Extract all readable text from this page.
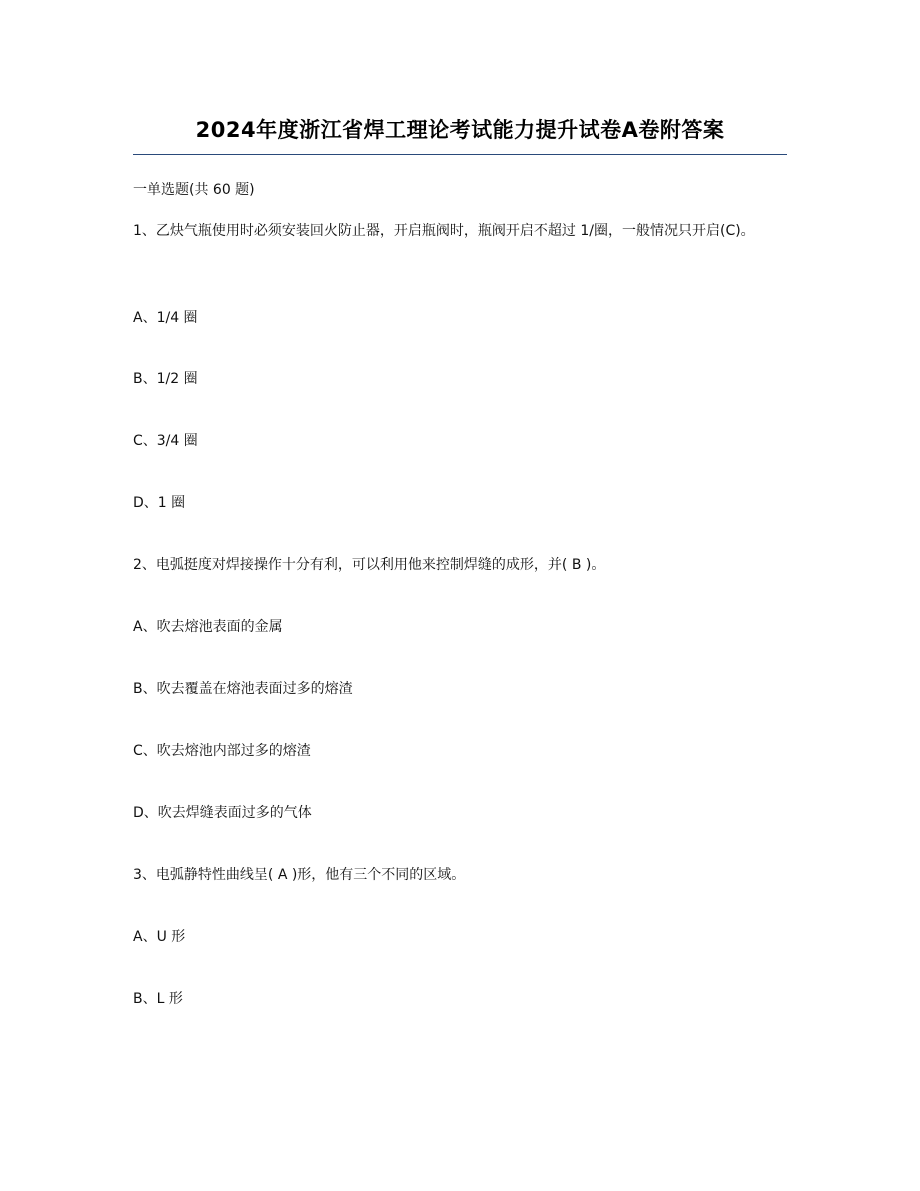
2024年度浙江省焊工理论考试能力提升试卷A卷附答案
一单选题(共 60 题)
1、乙炔气瓶使用时必须安装回火防止器，开启瓶阀时，瓶阀开启不超过 1/圈，一般情况只开启(C)。
A、1/4 圈
B、1/2 圈
C、3/4 圈
D、1 圈
2、电弧挺度对焊接操作十分有利，可以利用他来控制焊缝的成形，并( B )。
A、吹去熔池表面的金属
B、吹去覆盖在熔池表面过多的熔渣
C、吹去熔池内部过多的熔渣
D、吹去焊缝表面过多的气体
3、电弧静特性曲线呈( A )形，他有三个不同的区域。
A、U 形
B、L 形
